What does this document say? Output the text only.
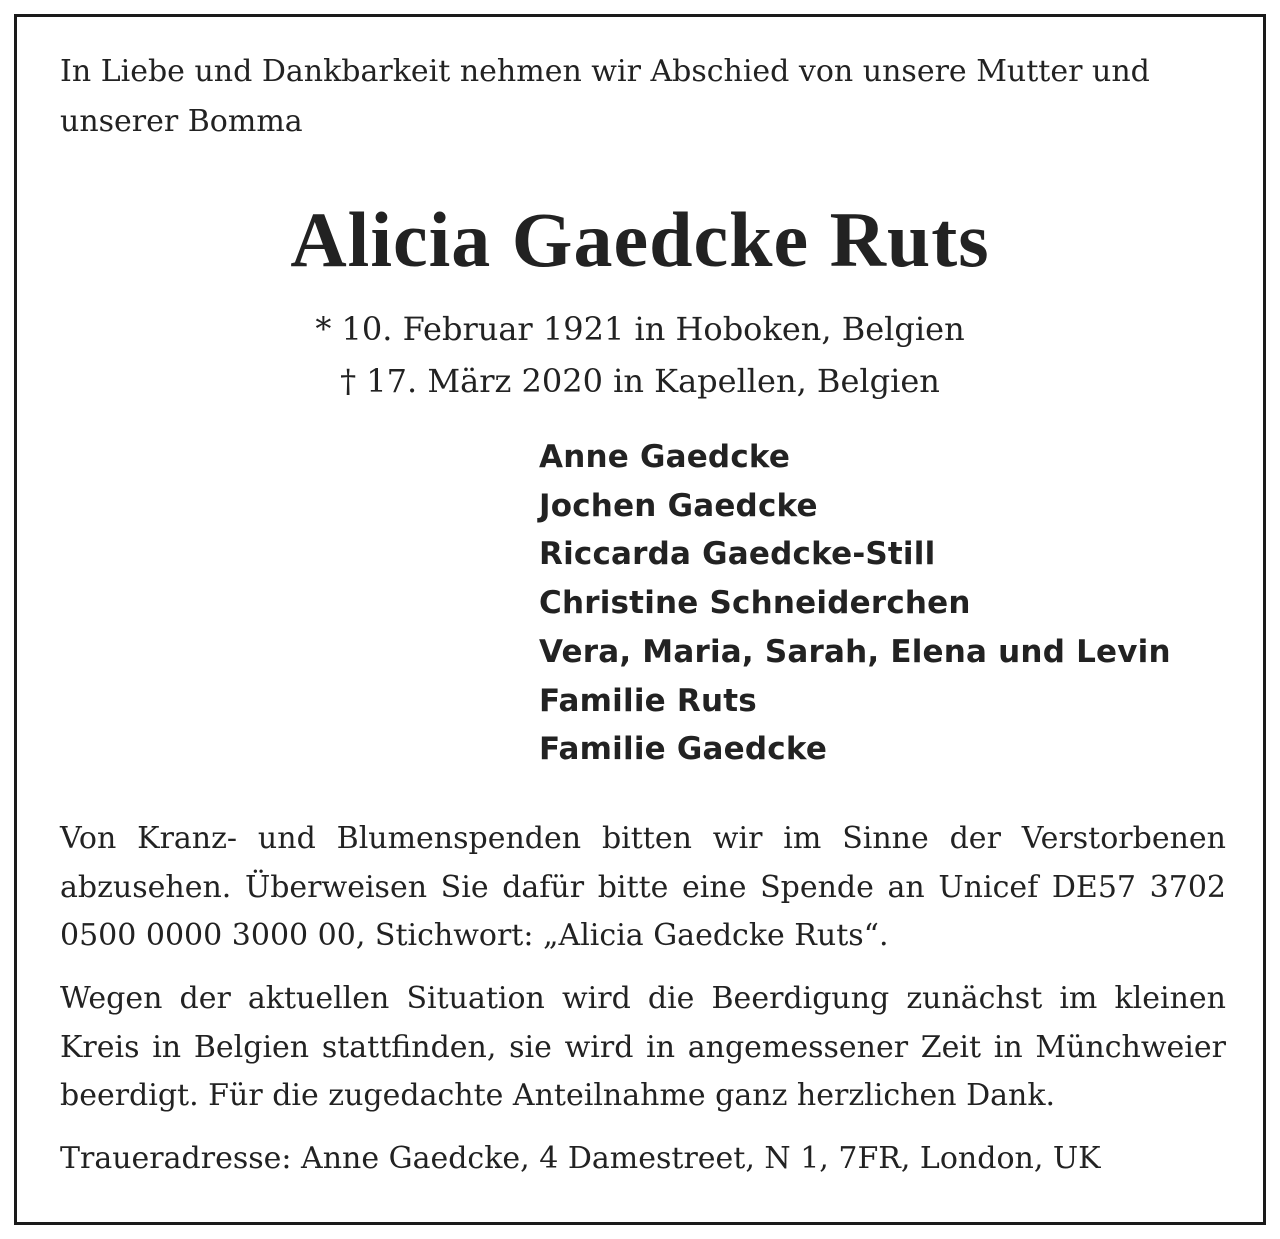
In Liebe und Dankbarkeit nehmen wir Abschied von unsere Mutter und unserer Bomma

Alicia Gaedcke Ruts
* 10. Februar 1921 in Hoboken, Belgien
† 17. März 2020 in Kapellen, Belgien
Anne Gaedcke
Jochen Gaedcke
Riccarda Gaedcke-Still
Christine Schneiderchen
Vera, Maria, Sarah, Elena und Levin
Familie Ruts
Familie Gaedcke

Von Kranz- und Blumenspenden bitten wir im Sinne der Verstorbenen abzusehen. Überweisen Sie dafür bitte eine Spende an Unicef DE57 3702 0500 0000 3000 00, Stichwort: „Alicia Gaedcke Ruts“.

Wegen der aktuellen Situation wird die Beerdigung zunächst im kleinen Kreis in Belgien stattfinden, sie wird in angemessener Zeit in Münchweier beerdigt. Für die zugedachte Anteilnahme ganz herzlichen Dank.

Traueradresse: Anne Gaedcke, 4 Damestreet, N 1, 7FR, London, UK
